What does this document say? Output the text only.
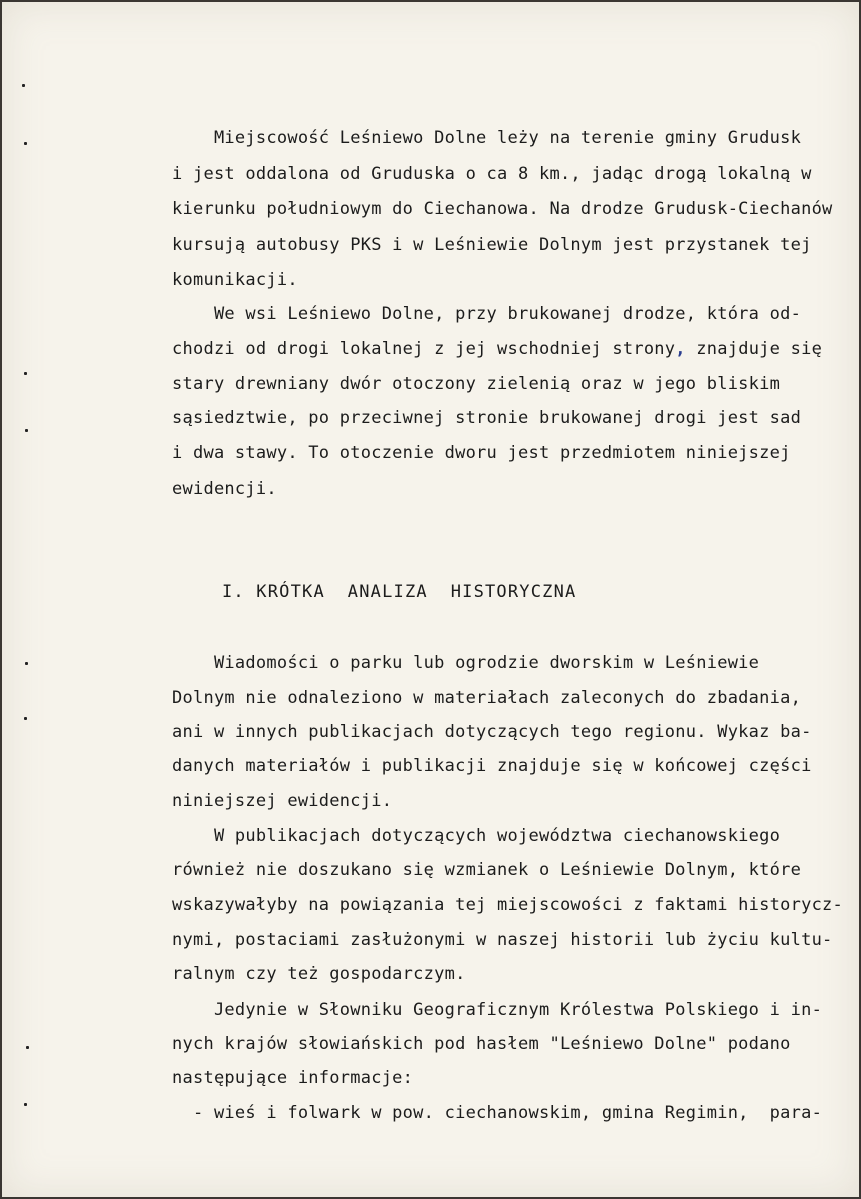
Miejscowość Leśniewo Dolne leży na terenie gminy Grudusk
i jest oddalona od Gruduska o ca 8 km., jadąc drogą lokalną w
kierunku południowym do Ciechanowa. Na drodze Grudusk-Ciechanów
kursują autobusy PKS i w Leśniewie Dolnym jest przystanek tej
komunikacji.
We wsi Leśniewo Dolne, przy brukowanej drodze, która od-
chodzi od drogi lokalnej z jej wschodniej strony, znajduje się
stary drewniany dwór otoczony zielenią oraz w jego bliskim
sąsiedztwie, po przeciwnej stronie brukowanej drogi jest sad
i dwa stawy. To otoczenie dworu jest przedmiotem niniejszej
ewidencji.
I. KRÓTKA  ANALIZA  HISTORYCZNA
Wiadomości o parku lub ogrodzie dworskim w Leśniewie
Dolnym nie odnaleziono w materiałach zaleconych do zbadania,
ani w innych publikacjach dotyczących tego regionu. Wykaz ba-
danych materiałów i publikacji znajduje się w końcowej części
niniejszej ewidencji.
W publikacjach dotyczących województwa ciechanowskiego
również nie doszukano się wzmianek o Leśniewie Dolnym, które
wskazywałyby na powiązania tej miejscowości z faktami historycz-
nymi, postaciami zasłużonymi w naszej historii lub życiu kultu-
ralnym czy też gospodarczym.
Jedynie w Słowniku Geograficznym Królestwa Polskiego i in-
nych krajów słowiańskich pod hasłem "Leśniewo Dolne" podano
następujące informacje:
- wieś i folwark w pow. ciechanowskim, gmina Regimin,  para-
